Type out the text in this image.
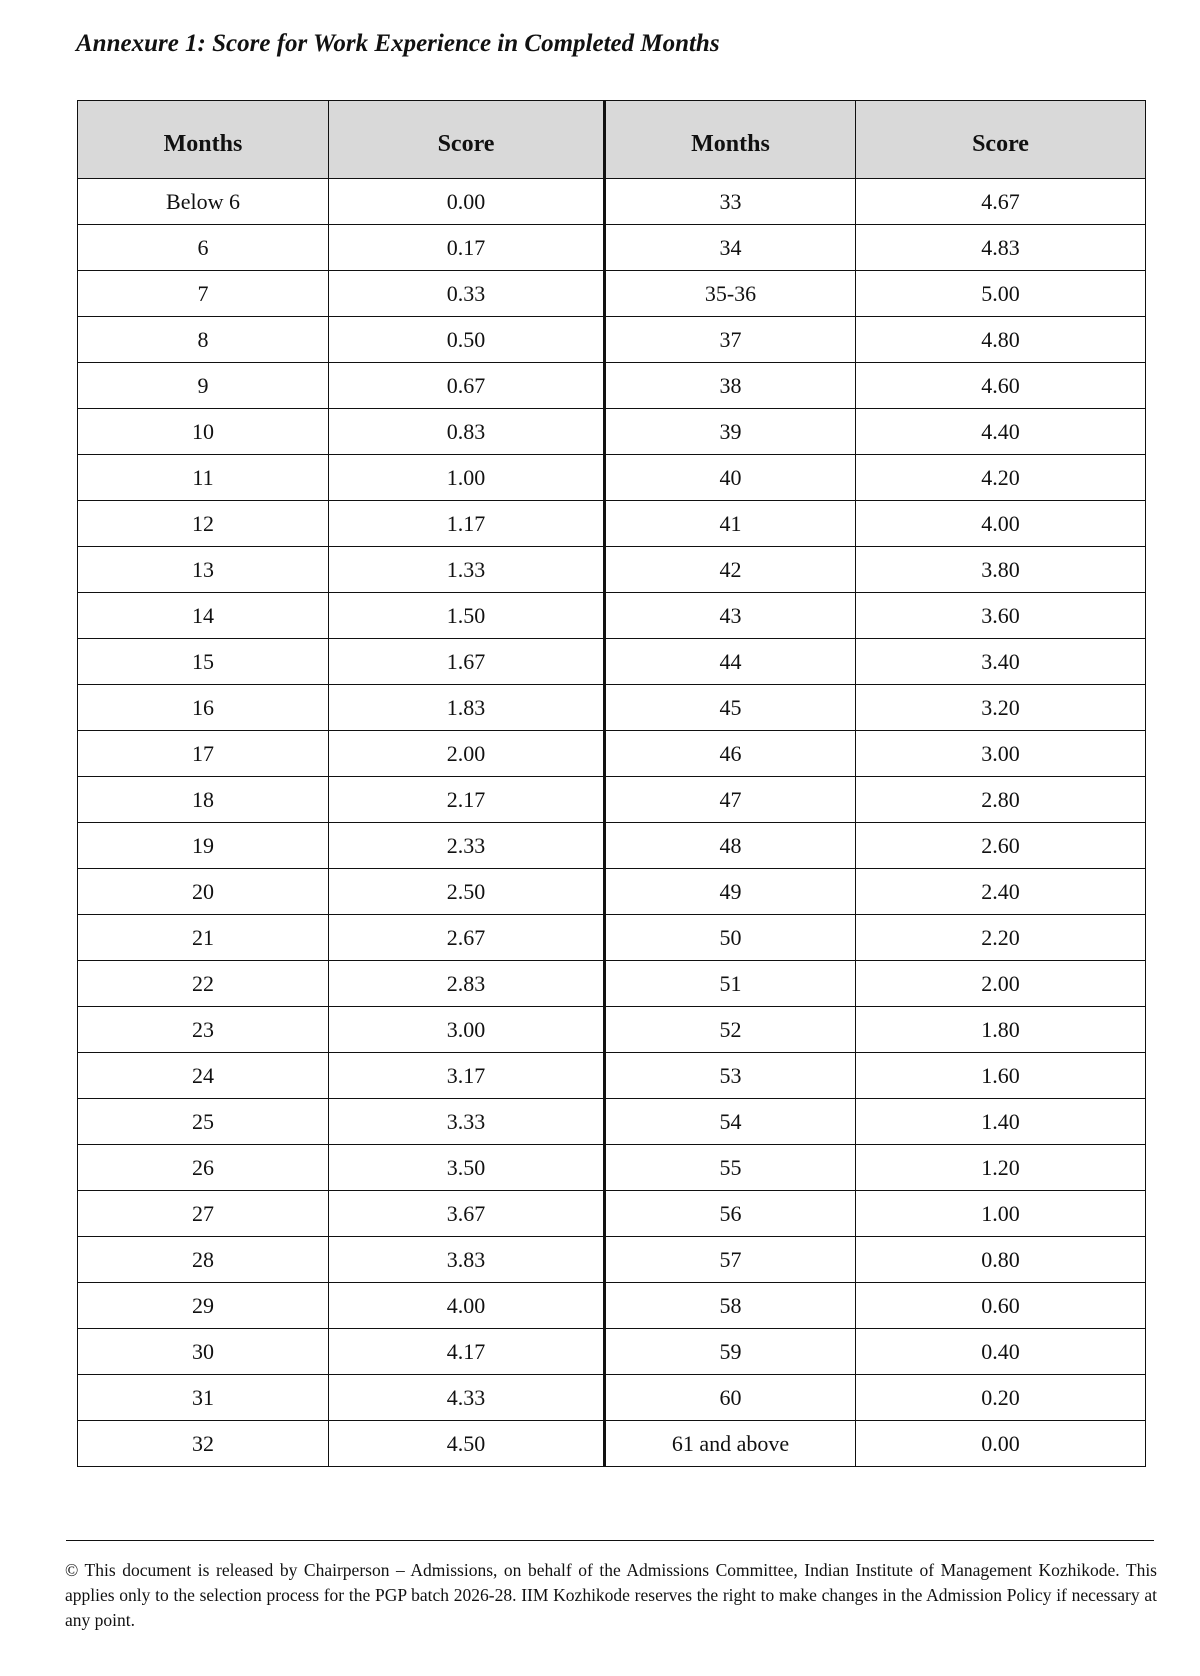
Annexure 1: Score for Work Experience in Completed Months
Months	Score	Months	Score
Below 6	0.00	33	4.67
6	0.17	34	4.83
7	0.33	35-36	5.00
8	0.50	37	4.80
9	0.67	38	4.60
10	0.83	39	4.40
11	1.00	40	4.20
12	1.17	41	4.00
13	1.33	42	3.80
14	1.50	43	3.60
15	1.67	44	3.40
16	1.83	45	3.20
17	2.00	46	3.00
18	2.17	47	2.80
19	2.33	48	2.60
20	2.50	49	2.40
21	2.67	50	2.20
22	2.83	51	2.00
23	3.00	52	1.80
24	3.17	53	1.60
25	3.33	54	1.40
26	3.50	55	1.20
27	3.67	56	1.00
28	3.83	57	0.80
29	4.00	58	0.60
30	4.17	59	0.40
31	4.33	60	0.20
32	4.50	61 and above	0.00
© This document is released by Chairperson – Admissions, on behalf of the Admissions Committee, Indian Institute of Management Kozhikode. This applies only to the selection process for the PGP batch 2026-28. IIM Kozhikode reserves the right to make changes in the Admission Policy if necessary at any point.
